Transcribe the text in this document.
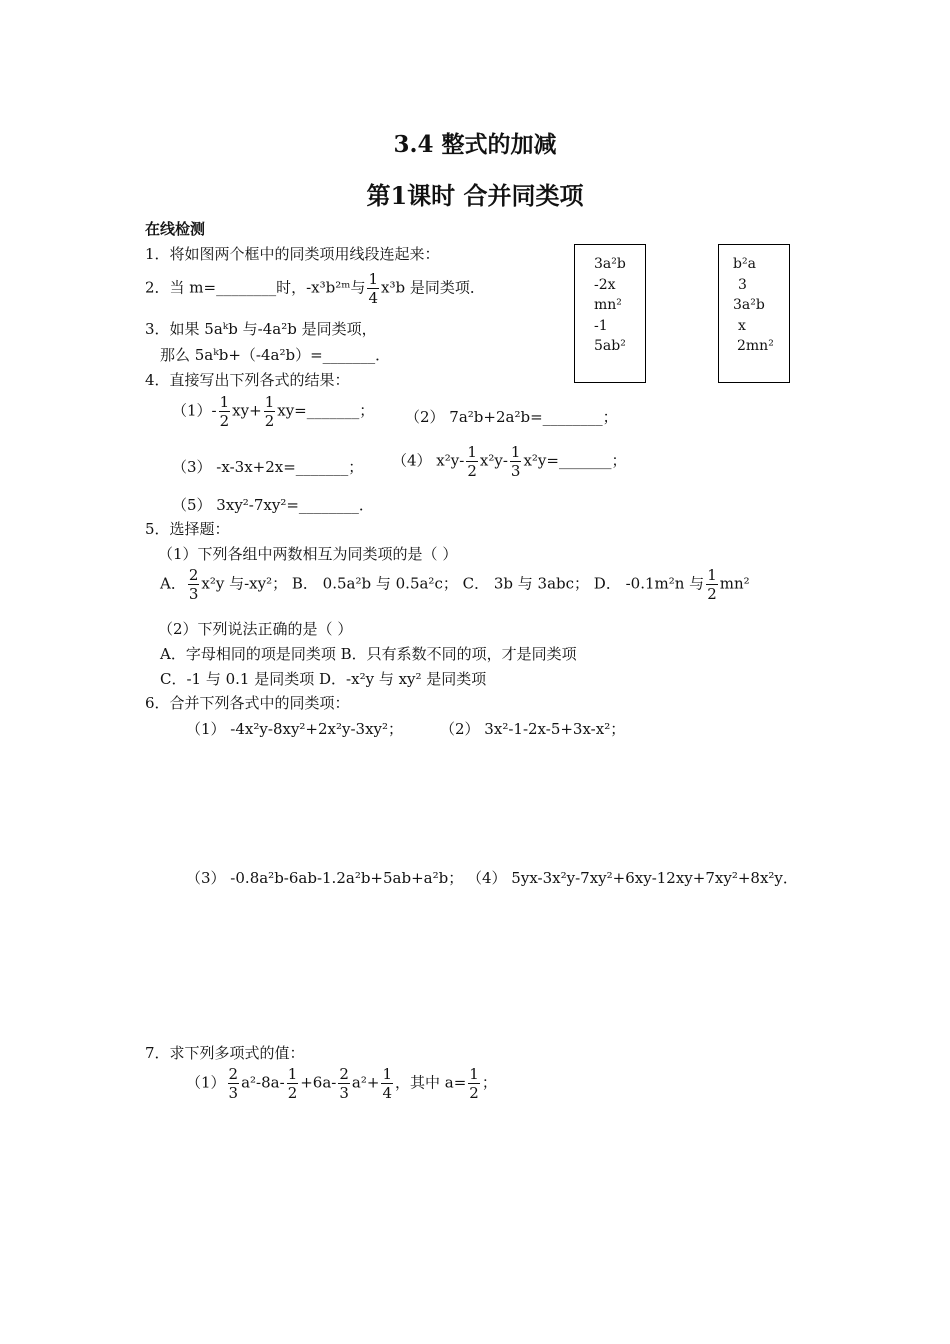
3.4 整式的加减
第1课时 合并同类项
在线检测
1．将如图两个框中的同类项用线段连起来：
3a²b
-2x
mn²
-1
5ab²
b²a
3
3a²b
x
2mn²
2．当 m=________时，-x³b²ᵐ与 $\frac{1}{4} x^3b$ 是同类项．
3．如果 5aᵏb 与-4a²b 是同类项，
那么 5aᵏb+（-4a²b）=_______．
4．直接写出下列各式的结果：
$(1)- \frac{1}{2} xy+ \frac{1}{2}$ xy=_______； （2） 7a²b+2a²b=________；
（3） -x-3x+2x=_______； （4） $x^2y- \frac{1}{2} x^2y- \frac{1}{3}$ x²y=_______；
（5） 3xy²-7xy²=________．
5．选择题：
（1）下列各组中两数相互为同类项的是（ ）
A． $\frac{2}{3} x^2y$ 与-xy²； B． 0.5a²b 与 0.5a²c； C． 3b 与 3abc； D． -0.1m²n 与 $\frac{1}{2} mn^2$
（2）下列说法正确的是（ ）
A．字母相同的项是同类项 B．只有系数不同的项，才是同类项
C．-1 与 0.1 是同类项 D．-x²y 与 xy² 是同类项
6．合并下列各式中的同类项：
（1） -4x²y-8xy²+2x²y-3xy²； （2） 3x²-1-2x-5+3x-x²；
（3） -0.8a²b-6ab-1.2a²b+5ab+a²b； （4） 5yx-3x²y-7xy²+6xy-12xy+7xy²+8x²y．
7．求下列多项式的值：
$(1) \frac{2}{3} a^2-8a- \frac{1}{2} +6a- \frac{2}{3} a^2+ \frac{1}{4}$ ，其中 $a= \frac{1}{2}$ ；
